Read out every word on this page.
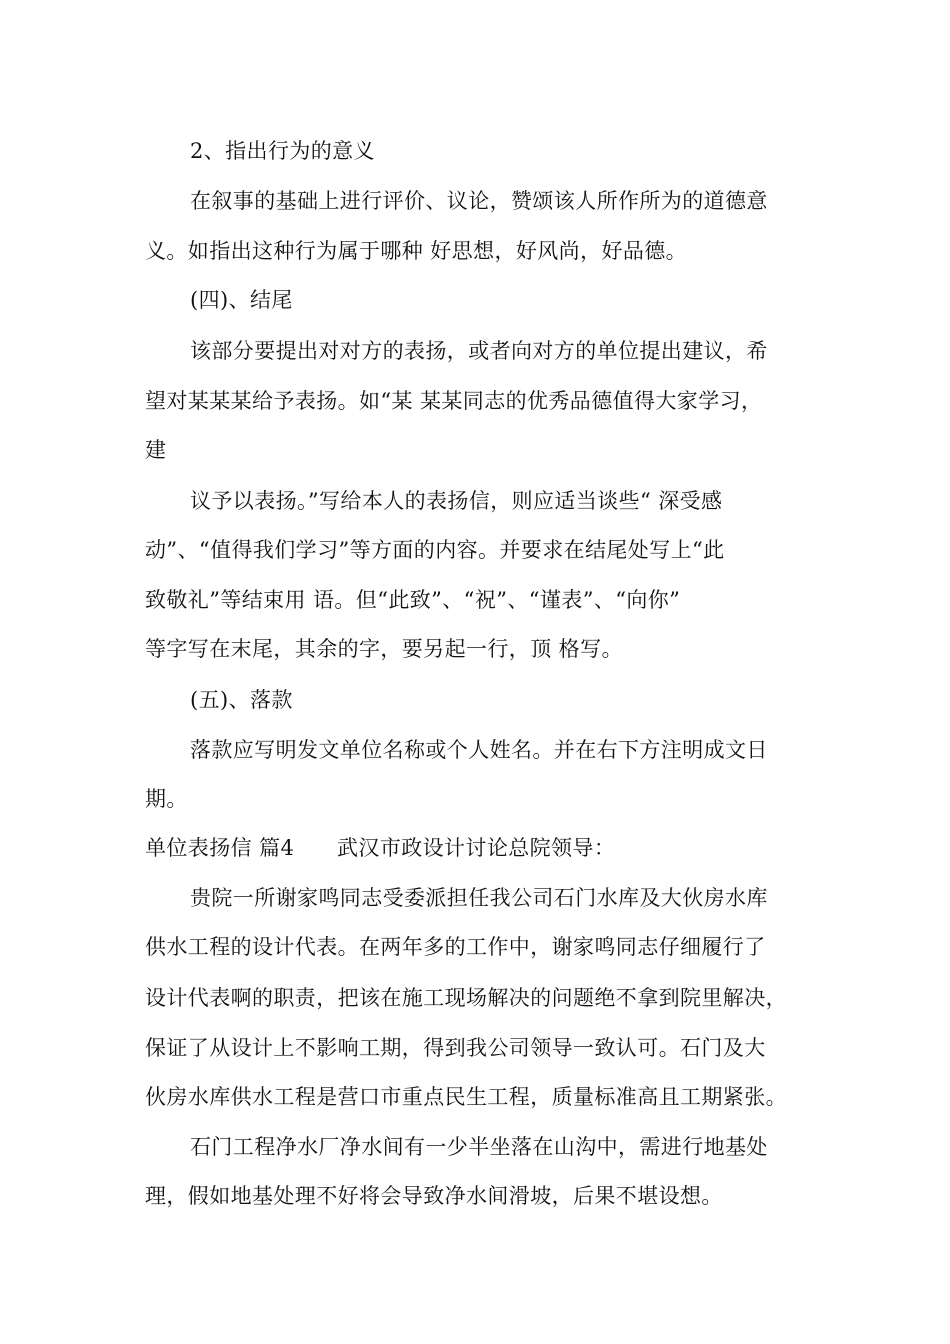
2、指出行为的意义
在叙事的基础上进行评价、议论，赞颂该人所作所为的道德意
义。如指出这种行为属于哪种 好思想，好风尚，好品德。
(四)、结尾
该部分要提出对对方的表扬，或者向对方的单位提出建议，希
望对某某某给予表扬。如“某 某某同志的优秀品德值得大家学习，
建
议予以表扬。”写给本人的表扬信，则应适当谈些“ 深受感
动”、“值得我们学习”等方面的内容。并要求在结尾处写上“此
致敬礼”等结束用 语。但“此致”、“祝”、“谨表”、“向你”
等字写在末尾，其余的字，要另起一行，顶 格写。
(五)、落款
落款应写明发文单位名称或个人姓名。并在右下方注明成文日
期。
单位表扬信 篇4　　武汉市政设计讨论总院领导：
贵院一所谢家鸣同志受委派担任我公司石门水库及大伙房水库
供水工程的设计代表。在两年多的工作中，谢家鸣同志仔细履行了
设计代表啊的职责，把该在施工现场解决的问题绝不拿到院里解决，
保证了从设计上不影响工期，得到我公司领导一致认可。石门及大
伙房水库供水工程是营口市重点民生工程，质量标准高且工期紧张。
石门工程净水厂净水间有一少半坐落在山沟中，需进行地基处
理，假如地基处理不好将会导致净水间滑坡，后果不堪设想。
